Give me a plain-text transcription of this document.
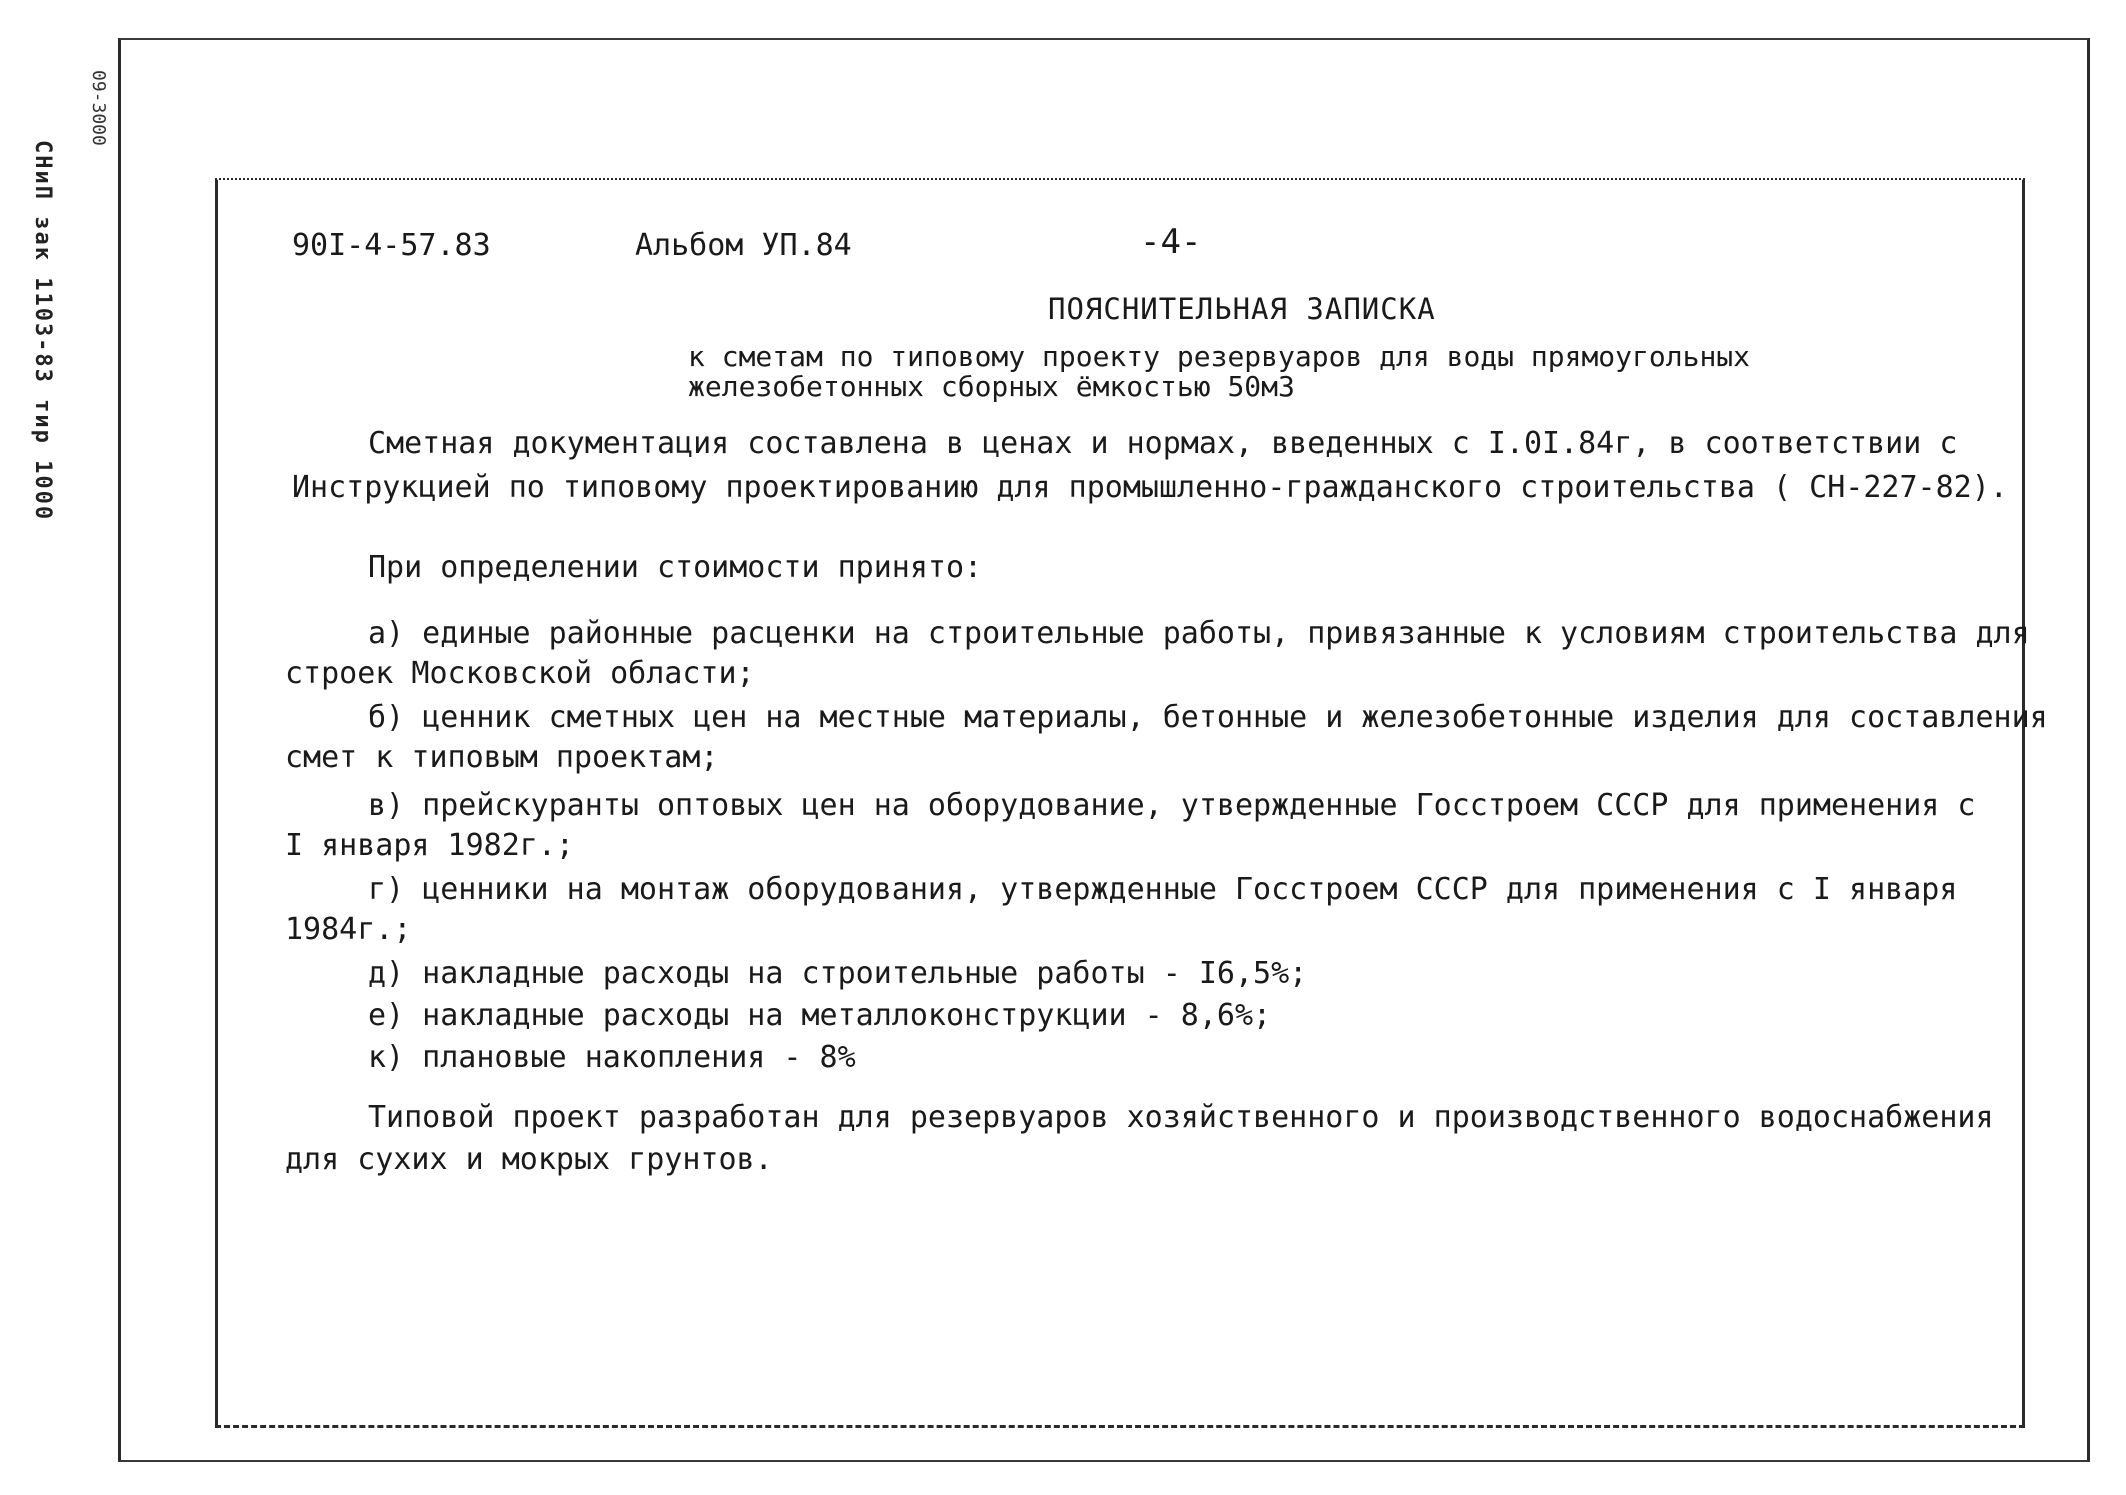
СНиП зак 1103-83 тир 1000
09-3000
90I-4-57.83	Альбом УП.84	-4-
ПОЯСНИТЕЛЬНАЯ ЗАПИСКА
к сметам по типовому проекту резервуаров для воды прямоугольных железобетонных сборных ёмкостью 50м3
Сметная документация составлена в ценах и нормах, введенных с I.0I.84г, в соответствии с
Инструкцией по типовому проектированию для промышленно-гражданского строительства ( СН-227-82).
При определении стоимости принято:
а) единые районные расценки на строительные работы, привязанные к условиям строительства для
строек Московской области;
б) ценник сметных цен на местные материалы, бетонные и железобетонные изделия для составления
смет к типовым проектам;
в) прейскуранты оптовых цен на оборудование, утвержденные Госстроем СССР для применения с
I января 1982г.;
г) ценники на монтаж оборудования, утвержденные Госстроем СССР для применения с I января
1984г.;
д) накладные расходы на строительные работы - I6,5%;
е) накладные расходы на металлоконструкции - 8,6%;
к) плановые накопления - 8%
Типовой проект разработан для резервуаров хозяйственного и производственного водоснабжения
для сухих и мокрых грунтов.
